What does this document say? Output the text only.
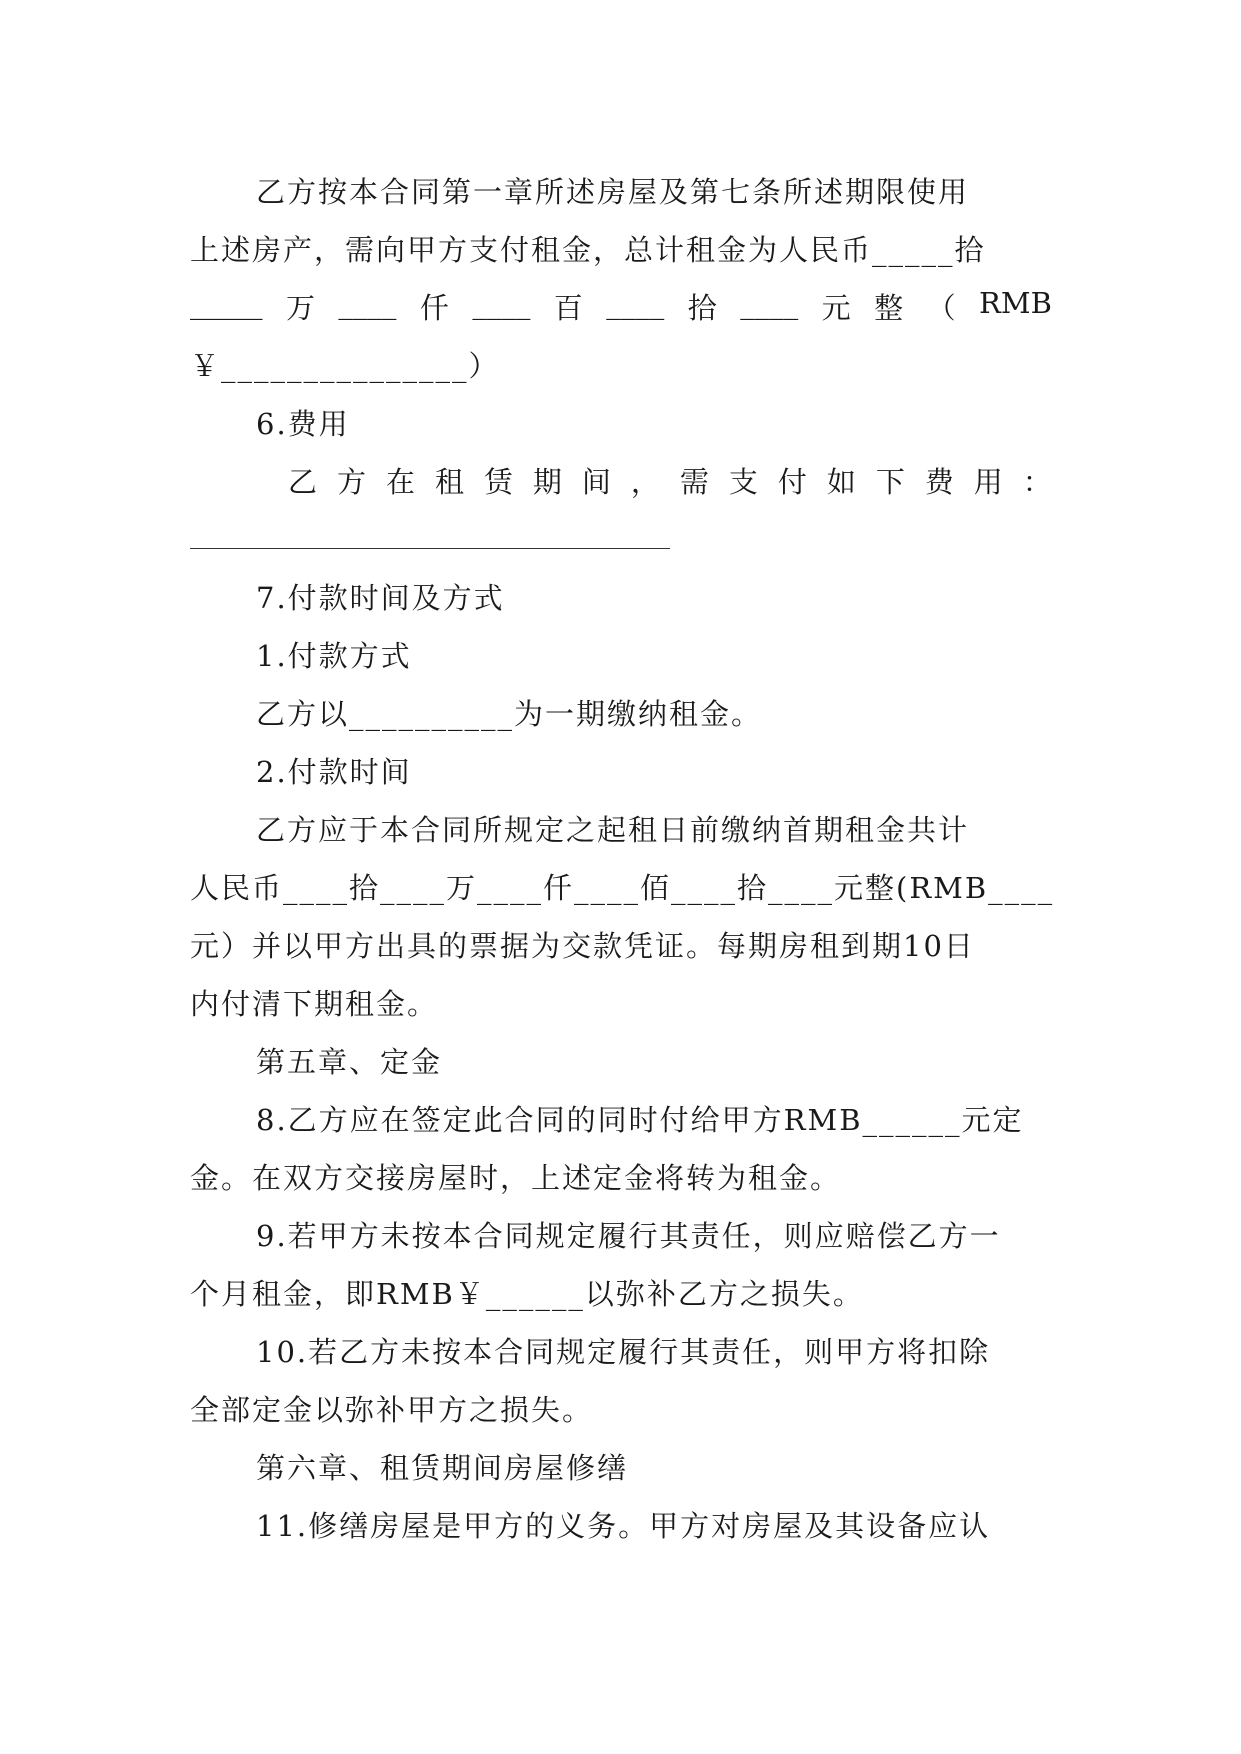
乙方按本合同第一章所述房屋及第七条所述期限使用
上述房产，需向甲方支付租金，总计租金为人民币_____拾
_____ 万 ____ 仟 ____ 百 ____ 拾 ____ 元 整 （ RMB
￥_______________）
6.费用
乙 方 在 租 赁 期 间 ， 需 支 付 如 下 费 用 ：
7.付款时间及方式
1.付款方式
乙方以__________为一期缴纳租金。
2.付款时间
乙方应于本合同所规定之起租日前缴纳首期租金共计
人民币____拾____万____仟____佰____拾____元整(RMB____
元）并以甲方出具的票据为交款凭证。每期房租到期10日
内付清下期租金。
第五章、定金
8.乙方应在签定此合同的同时付给甲方RMB______元定
金。在双方交接房屋时，上述定金将转为租金。
9.若甲方未按本合同规定履行其责任，则应赔偿乙方一
个月租金，即RMB￥______以弥补乙方之损失。
10.若乙方未按本合同规定履行其责任，则甲方将扣除
全部定金以弥补甲方之损失。
第六章、租赁期间房屋修缮
11.修缮房屋是甲方的义务。甲方对房屋及其设备应认
